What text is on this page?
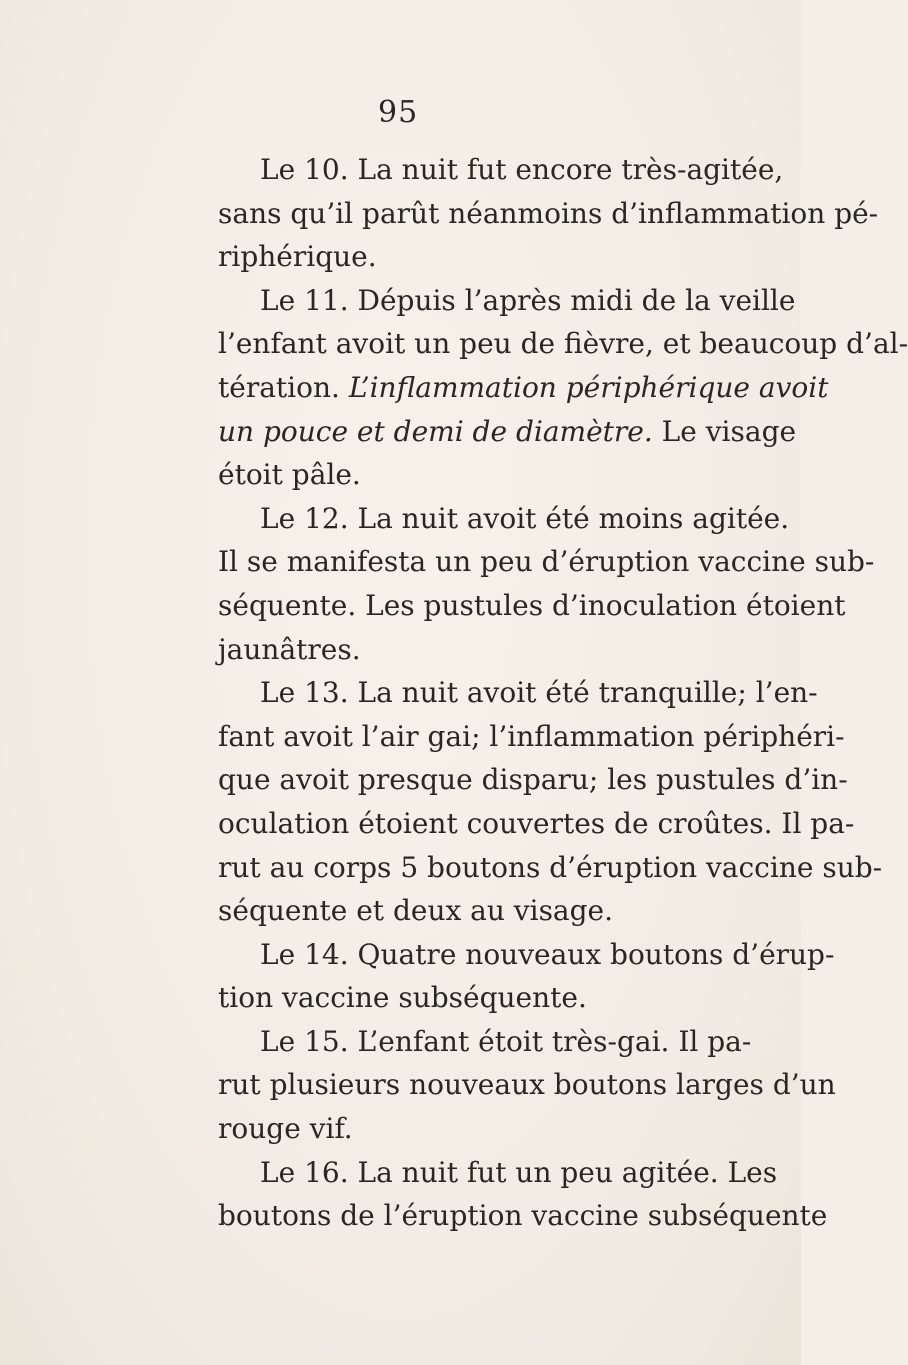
95
Le 10. La nuit fut encore très-agitée,
sans qu’il parût néanmoins d’inflammation pé-
riphérique.
Le 11. Dépuis l’après midi de la veille
l’enfant avoit un peu de fièvre, et beaucoup d’al-
tération. L’inflammation périphérique avoit
un pouce et demi de diamètre. Le visage
étoit pâle.
Le 12. La nuit avoit été moins agitée.
Il se manifesta un peu d’éruption vaccine sub-
séquente. Les pustules d’inoculation étoient
jaunâtres.
Le 13. La nuit avoit été tranquille; l’en-
fant avoit l’air gai; l’inflammation périphéri-
que avoit presque disparu; les pustules d’in-
oculation étoient couvertes de croûtes. Il pa-
rut au corps 5 boutons d’éruption vaccine sub-
séquente et deux au visage.
Le 14. Quatre nouveaux boutons d’érup-
tion vaccine subséquente.
Le 15. L’enfant étoit très-gai. Il pa-
rut plusieurs nouveaux boutons larges d’un
rouge vif.
Le 16. La nuit fut un peu agitée. Les
boutons de l’éruption vaccine subséquente
